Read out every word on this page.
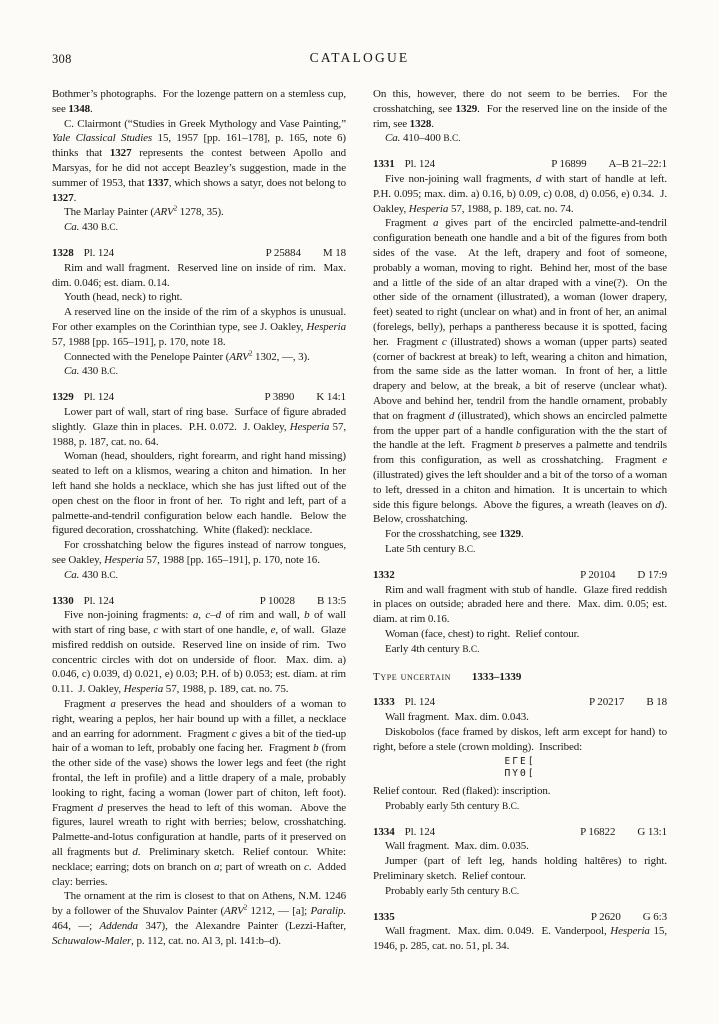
308	CATALOGUE

Bothmer’s photographs.  For the lozenge pattern on a stemless cup, see 1348.

C. Clairmont (“Studies in Greek Mythology and Vase Painting,” Yale Classical Studies 15, 1957 [pp. 161–178], p. 165, note 6) thinks that 1327 represents the contest between Apollo and Marsyas, for he did not accept Beazley’s suggestion, made in the summer of 1953, that 1337, which shows a satyr, does not belong to 1327.

The Marlay Painter (ARV$^2$ 1278, 35).

Ca. 430 B.C.

1328 Pl. 124	P 25884 M 18

Rim and wall fragment.  Reserved line on inside of rim.  Max. dim. 0.046; est. diam. 0.14.

Youth (head, neck) to right.

A reserved line on the inside of the rim of a skyphos is unusual.  For other examples on the Corinthian type, see J. Oakley, Hesperia 57, 1988 [pp. 165–191], p. 170, note 18.

Connected with the Penelope Painter (ARV$^2$ 1302, —, 3).

Ca. 430 B.C.

1329 Pl. 124	P 3890 K 14:1

Lower part of wall, start of ring base.  Surface of figure abraded slightly.  Glaze thin in places.  P.H. 0.072.  J. Oakley, Hesperia 57, 1988, p. 187, cat. no. 64.

Woman (head, shoulders, right forearm, and right hand missing) seated to left on a klismos, wearing a chiton and himation.  In her left hand she holds a necklace, which she has just lifted out of the open chest on the floor in front of her.  To right and left, part of a palmette-and-tendril configuration below each handle.  Below the figured decoration, crosshatching.  White (flaked): necklace.

For crosshatching below the figures instead of narrow tongues, see Oakley, Hesperia 57, 1988 [pp. 165–191], p. 170, note 16.

Ca. 430 B.C.

1330 Pl. 124	P 10028 B 13:5

Five non-joining fragments: a, c–d of rim and wall, b of wall with start of ring base, c with start of one handle, e, of wall.  Glaze misfired reddish on outside.  Reserved line on inside of rim.  Two concentric circles with dot on underside of floor.  Max. dim. a) 0.046, c) 0.039, d) 0.021, e) 0.03; P.H. of b) 0.053; est. diam. at rim 0.11.  J. Oakley, Hesperia 57, 1988, p. 189, cat. no. 75.

Fragment a preserves the head and shoulders of a woman to right, wearing a peplos, her hair bound up with a fillet, a necklace and an earring for adornment.  Fragment c gives a bit of the tied-up hair of a woman to left, probably one facing her.  Fragment b (from the other side of the vase) shows the lower legs and feet (the right frontal, the left in profile) and a little drapery of a male, probably looking to right, facing a woman (lower part of chiton, left foot).  Fragment d preserves the head to left of this woman.  Above the figures, laurel wreath to right with berries; below, crosshatching.  Palmette-and-lotus configuration at handle, parts of it preserved on all fragments but d.  Preliminary sketch.  Relief contour.  White: necklace; earring; dots on branch on a; part of wreath on c.  Added clay: berries.

The ornament at the rim is closest to that on Athens, N.M. 1246 by a follower of the Shuvalov Painter (ARV$^2$ 1212, — [a]; Paralip. 464, —; Addenda 347), the Alexandre Painter (Lezzi-Hafter, Schuwalow-Maler, p. 112, cat. no. Al 3, pl. 141:b–d).

On this, however, there do not seem to be berries.  For the crosshatching, see 1329.  For the reserved line on the inside of the rim, see 1328.

Ca. 410–400 B.C.

1331 Pl. 124	P 16899 A–B 21–22:1

Five non-joining wall fragments, d with start of handle at left.  P.H. 0.095; max. dim. a) 0.16, b) 0.09, c) 0.08, d) 0.056, e) 0.34.  J. Oakley, Hesperia 57, 1988, p. 189, cat. no. 74.

Fragment a gives part of the encircled palmette-and-tendril configuration beneath one handle and a bit of the figures from both sides of the vase.  At the left, drapery and foot of someone, probably a woman, moving to right.  Behind her, most of the base and a little of the side of an altar draped with a vine(?).  On the other side of the ornament (illustrated), a woman (lower drapery, feet) seated to right (unclear on what) and in front of her, an animal (forelegs, belly), perhaps a pantheress because it is spotted, facing her.  Fragment c (illustrated) shows a woman (upper parts) seated (corner of backrest at break) to left, wearing a chiton and himation, from the same side as the latter woman.  In front of her, a little drapery and below, at the break, a bit of reserve (unclear what).  Above and behind her, tendril from the handle ornament, probably that on fragment d (illustrated), which shows an encircled palmette from the upper part of a handle configuration with the the start of the handle at the left.  Fragment b preserves a palmette and tendrils from this configuration, as well as crosshatching.  Fragment e (illustrated) gives the left shoulder and a bit of the torso of a woman to left, dressed in a chiton and himation.  It is uncertain to which side this figure belongs.  Above the figures, a wreath (leaves on d).  Below, crosshatching.

For the crosshatching, see 1329.

Late 5th century B.C.

1332	P 20104 D 17:9

Rim and wall fragment with stub of handle.  Glaze fired reddish in places on outside; abraded here and there.  Max. dim. 0.05; est. diam. at rim 0.16.

Woman (face, chest) to right.  Relief contour.

Early 4th century B.C.

Type uncertain 1333–1339
1333 Pl. 124	P 20217 B 18

Wall fragment.  Max. dim. 0.043.

Diskobolos (face framed by diskos, left arm except for hand) to right, before a stele (crown molding).  Inscribed:

ΕΓΕ[
ΠΥΘ[

Relief contour.  Red (flaked): inscription.

Probably early 5th century B.C.

1334 Pl. 124	P 16822 G 13:1

Wall fragment.  Max. dim. 0.035.

Jumper (part of left leg, hands holding haltēres) to right.  Preliminary sketch.  Relief contour.

Probably early 5th century B.C.

1335	P 2620 G 6:3

Wall fragment.  Max. dim. 0.049.  E. Vanderpool, Hesperia 15, 1946, p. 285, cat. no. 51, pl. 34.
